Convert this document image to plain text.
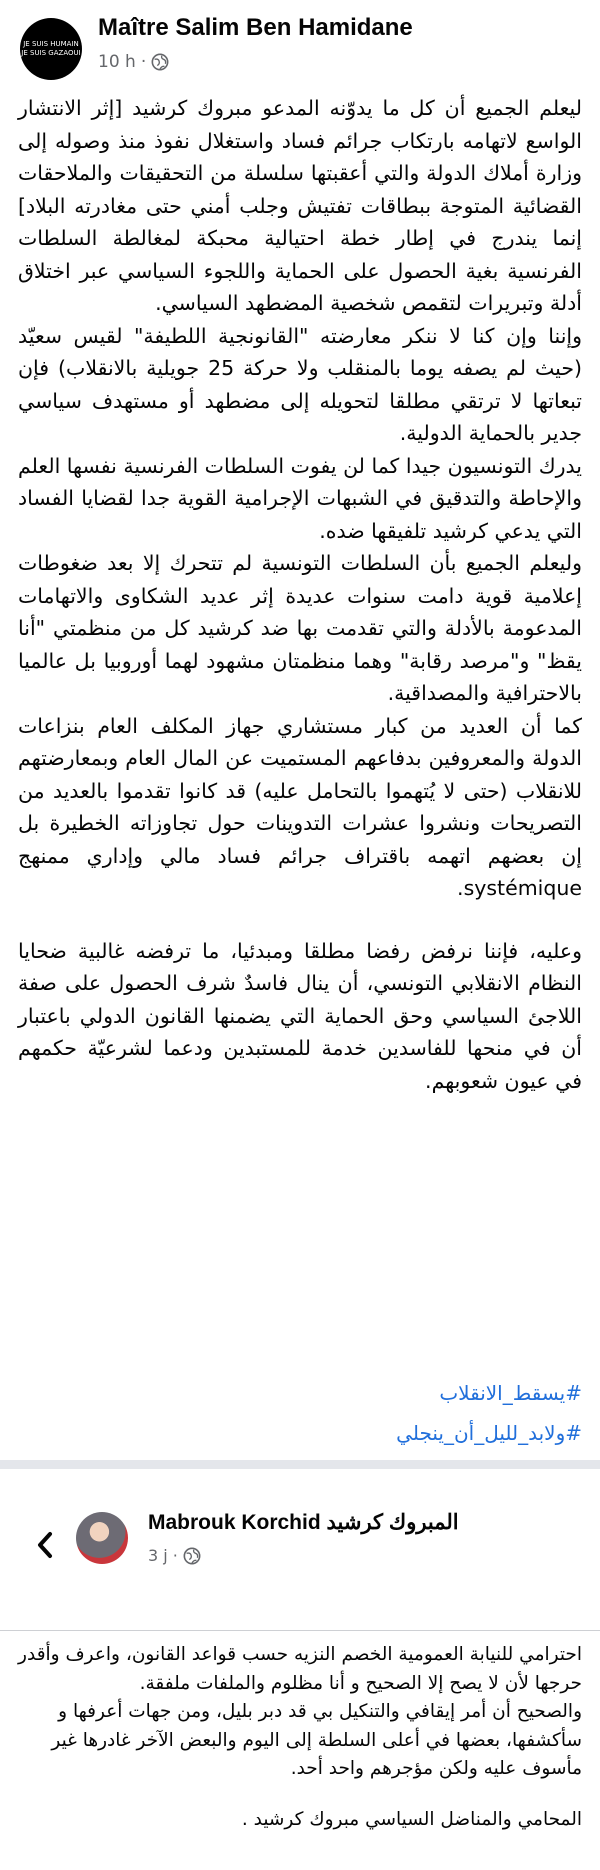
JE SUIS HUMAIN
JE SUIS GAZAOUI
Maître Salim Ben Hamidane
10 h ·

ليعلم الجميع أن كل ما يدوّنه المدعو مبروك كرشيد [إثر الانتشار الواسع لاتهامه بارتكاب جرائم فساد واستغلال نفوذ منذ وصوله إلى وزارة أملاك الدولة والتي أعقبتها سلسلة من التحقيقات والملاحقات القضائية المتوجة ببطاقات تفتيش وجلب أمني حتى مغادرته البلاد] إنما يندرج في إطار خطة احتيالية محبكة لمغالطة السلطات الفرنسية بغية الحصول على الحماية واللجوء السياسي عبر اختلاق أدلة وتبريرات لتقمص شخصية المضطهد السياسي.

وإننا وإن كنا لا ننكر معارضته "القانونجية اللطيفة" لقيس سعيّد (حيث لم يصفه يوما بالمنقلب ولا حركة 25 جويلية بالانقلاب) فإن تبعاتها لا ترتقي مطلقا لتحويله إلى مضطهد أو مستهدف سياسي جدير بالحماية الدولية.

يدرك التونسيون جيدا كما لن يفوت السلطات الفرنسية نفسها العلم والإحاطة والتدقيق في الشبهات الإجرامية القوية جدا لقضايا الفساد التي يدعي كرشيد تلفيقها ضده.

وليعلم الجميع بأن السلطات التونسية لم تتحرك إلا بعد ضغوطات إعلامية قوية دامت سنوات عديدة إثر عديد الشكاوى والاتهامات المدعومة بالأدلة والتي تقدمت بها ضد كرشيد كل من منظمتي "أنا يقظ" و"مرصد رقابة" وهما منظمتان مشهود لهما أوروبيا بل عالميا بالاحترافية والمصداقية.

كما أن العديد من كبار مستشاري جهاز المكلف العام بنزاعات الدولة والمعروفين بدفاعهم المستميت عن المال العام وبمعارضتهم للانقلاب (حتى لا يُتهموا بالتحامل عليه) قد كانوا تقدموا بالعديد من التصريحات ونشروا عشرات التدوينات حول تجاوزاته الخطيرة بل إن بعضهم اتهمه باقتراف جرائم فساد مالي وإداري ممنهج systémique.

وعليه، فإننا نرفض رفضا مطلقا ومبدئيا، ما ترفضه غالبية ضحايا النظام الانقلابي التونسي، أن ينال فاسدٌ شرف الحصول على صفة اللاجئ السياسي وحق الحماية التي يضمنها القانون الدولي باعتبار أن في منحها للفاسدين خدمة للمستبدين ودعما لشرعيّة حكمهم في عيون شعوبهم.

#يسقط_الانقلاب
#ولابد_لليل_أن_ينجلي
Mabrouk Korchid المبروك كرشيد
3 j ·

احترامي للنيابة العمومية الخصم النزيه حسب قواعد القانون، واعرف وأقدر حرجها لأن لا يصح إلا الصحيح و أنا مظلوم والملفات ملفقة.

والصحيح أن أمر إيقافي والتنكيل بي قد دبر بليل، ومن جهات أعرفها و سأكشفها، بعضها في أعلى السلطة إلى اليوم والبعض الآخر غادرها غير مأسوف عليه ولكن مؤجرهم واحد أحد.

المحامي والمناضل السياسي مبروك كرشيد .
